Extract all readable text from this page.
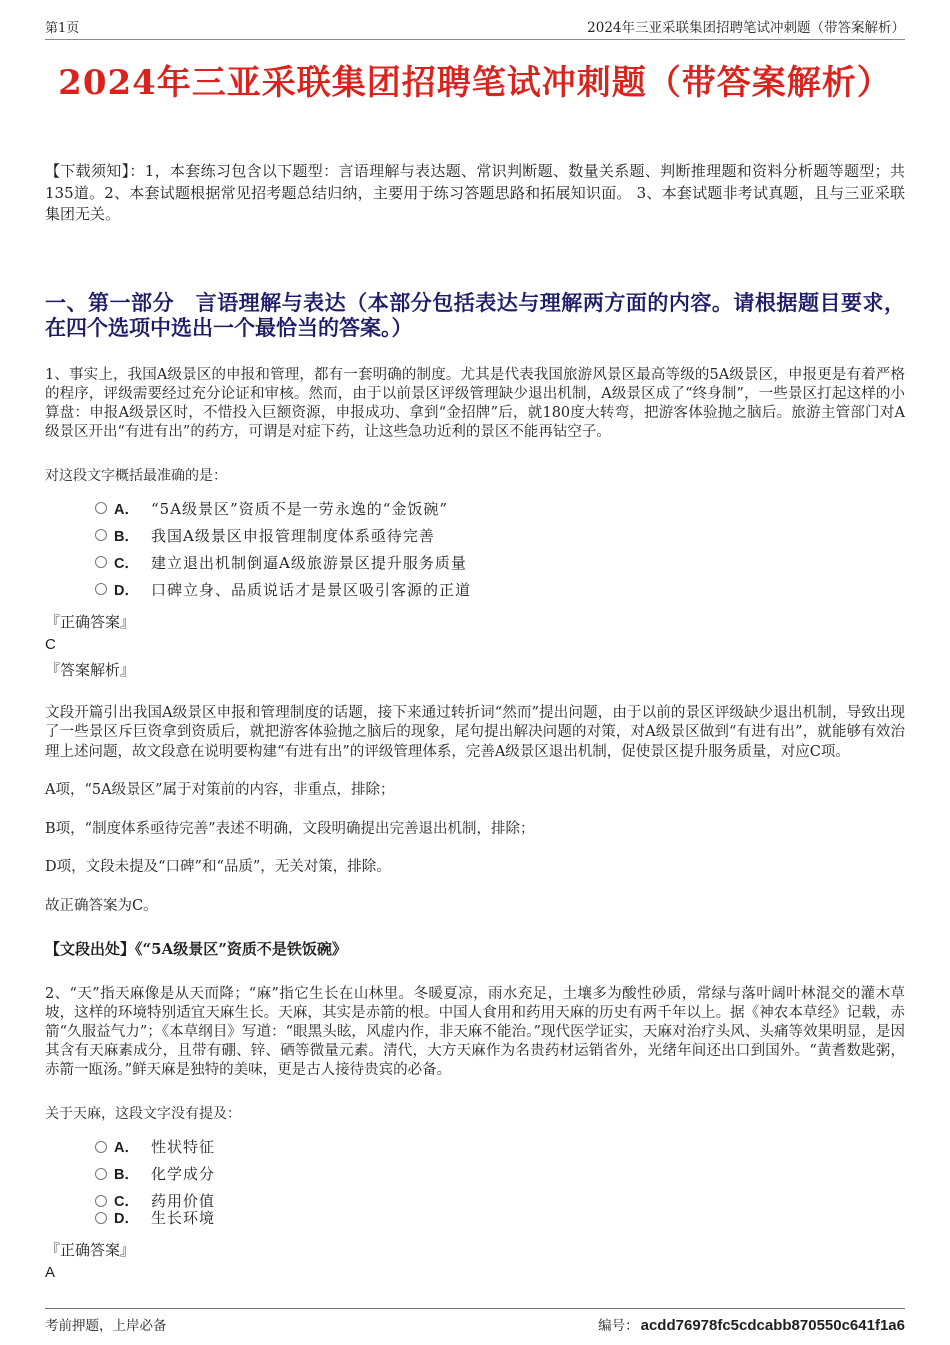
第1页	2024年三亚采联集团招聘笔试冲刺题（带答案解析）
2024年三亚采联集团招聘笔试冲刺题（带答案解析）

【下载须知】：1，本套练习包含以下题型：言语理解与表达题、常识判断题、数量关系题、判断推理题和资料分析题等题型；共135道。2、本套试题根据常见招考题总结归纳，主要用于练习答题思路和拓展知识面。 3、本套试题非考试真题，且与三亚采联集团无关。

一、第一部分　言语理解与表达（本部分包括表达与理解两方面的内容。请根据题目要求，在四个选项中选出一个最恰当的答案。）

1、事实上，我国A级景区的申报和管理，都有一套明确的制度。尤其是代表我国旅游风景区最高等级的5A级景区，申报更是有着严格的程序，评级需要经过充分论证和审核。然而，由于以前景区评级管理缺少退出机制，A级景区成了“终身制”，一些景区打起这样的小算盘：申报A级景区时，不惜投入巨额资源，申报成功、拿到“金招牌”后，就180度大转弯，把游客体验抛之脑后。旅游主管部门对A级景区开出“有进有出”的药方，可谓是对症下药，让这些急功近利的景区不能再钻空子。

对这段文字概括最准确的是：

A． “5A级景区”资质不是一劳永逸的“金饭碗”
B． 我国A级景区申报管理制度体系亟待完善
C． 建立退出机制倒逼A级旅游景区提升服务质量
D． 口碑立身、品质说话才是景区吸引客源的正道
『正确答案』
C
『答案解析』

文段开篇引出我国A级景区申报和管理制度的话题，接下来通过转折词“然而”提出问题，由于以前的景区评级缺少退出机制，导致出现了一些景区斥巨资拿到资质后，就把游客体验抛之脑后的现象，尾句提出解决问题的对策，对A级景区做到“有进有出”，就能够有效治理上述问题，故文段意在说明要构建“有进有出”的评级管理体系，完善A级景区退出机制，促使景区提升服务质量，对应C项。

A项，“5A级景区”属于对策前的内容，非重点，排除；

B项，“制度体系亟待完善”表述不明确，文段明确提出完善退出机制，排除；

D项，文段未提及“口碑”和“品质”，无关对策，排除。

故正确答案为C。

【文段出处】《“5A级景区”资质不是铁饭碗》

2、“天”指天麻像是从天而降；“麻”指它生长在山林里。冬暖夏凉，雨水充足，土壤多为酸性砂质，常绿与落叶阔叶林混交的灌木草坡，这样的环境特别适宜天麻生长。天麻，其实是赤箭的根。中国人食用和药用天麻的历史有两千年以上。据《神农本草经》记载，赤箭“久服益气力”；《本草纲目》写道：“眼黑头眩，风虚内作，非天麻不能治。”现代医学证实，天麻对治疗头风、头痛等效果明显，是因其含有天麻素成分，且带有硼、锌、硒等微量元素。清代，大方天麻作为名贵药材运销省外，光绪年间还出口到国外。“黄耆数匙粥，赤箭一瓯汤。”鲜天麻是独特的美味，更是古人接待贵宾的必备。

关于天麻，这段文字没有提及：

A． 性状特征
B． 化学成分
C． 药用价值
D． 生长环境
『正确答案』
A
考前押题，上岸必备	编号： acdd76978fc5cdcabb870550c641f1a6
